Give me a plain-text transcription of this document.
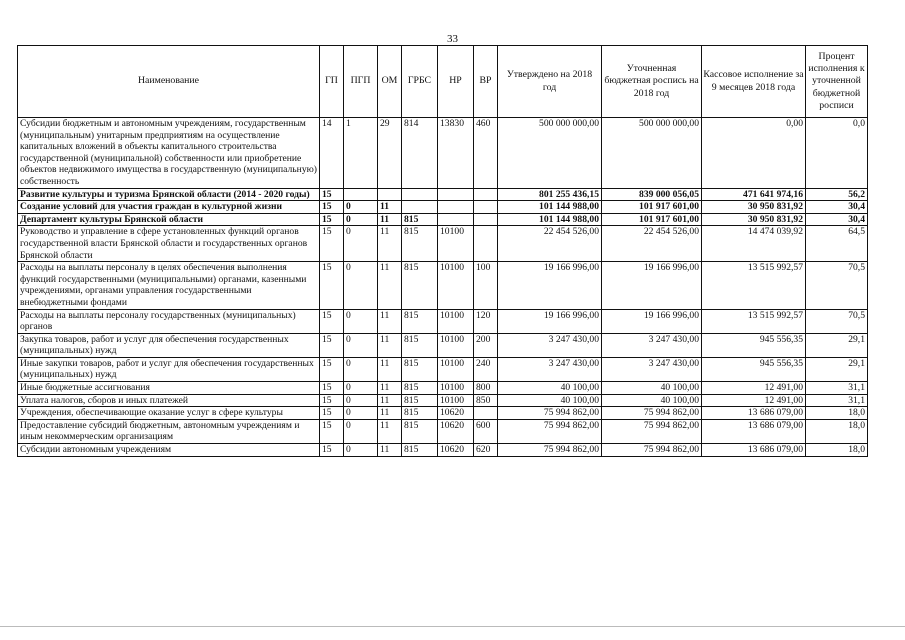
33
Наименование	ГП	ПГП	ОМ	ГРБС	НР	ВР	Утверждено на 2018 год	Уточненная бюджетная роспись на 2018 год	Кассовое исполнение за 9 месяцев 2018 года	Процент исполнения к уточненной бюджетной росписи
Субсидии бюджетным и автономным учреждениям, государственным (муниципальным) унитарным предприятиям на осуществление капитальных вложений в объекты капитального строительства государственной (муниципальной) собственности или приобретение объектов недвижимого имущества в государственную (муниципальную) собственность	14	1	29	814	13830	460	500 000 000,00	500 000 000,00	0,00	0,0
Развитие культуры и туризма Брянской области (2014 - 2020 годы)	15						801 255 436,15	839 000 056,05	471 641 974,16	56,2
Создание условий для участия граждан в культурной жизни	15	0	11				101 144 988,00	101 917 601,00	30 950 831,92	30,4
Департамент культуры Брянской области	15	0	11	815			101 144 988,00	101 917 601,00	30 950 831,92	30,4
Руководство и управление в сфере установленных функций органов государственной власти Брянской области и государственных органов Брянской области	15	0	11	815	10100		22 454 526,00	22 454 526,00	14 474 039,92	64,5
Расходы на выплаты персоналу в целях обеспечения выполнения функций государственными (муниципальными) органами, казенными учреждениями, органами управления государственными внебюджетными фондами	15	0	11	815	10100	100	19 166 996,00	19 166 996,00	13 515 992,57	70,5
Расходы на выплаты персоналу государственных (муниципальных) органов	15	0	11	815	10100	120	19 166 996,00	19 166 996,00	13 515 992,57	70,5
Закупка товаров, работ и услуг для обеспечения государственных (муниципальных) нужд	15	0	11	815	10100	200	3 247 430,00	3 247 430,00	945 556,35	29,1
Иные закупки товаров, работ и услуг для обеспечения государственных (муниципальных) нужд	15	0	11	815	10100	240	3 247 430,00	3 247 430,00	945 556,35	29,1
Иные бюджетные ассигнования	15	0	11	815	10100	800	40 100,00	40 100,00	12 491,00	31,1
Уплата налогов, сборов и иных платежей	15	0	11	815	10100	850	40 100,00	40 100,00	12 491,00	31,1
Учреждения, обеспечивающие оказание услуг в сфере культуры	15	0	11	815	10620		75 994 862,00	75 994 862,00	13 686 079,00	18,0
Предоставление субсидий бюджетным, автономным учреждениям и иным некоммерческим организациям	15	0	11	815	10620	600	75 994 862,00	75 994 862,00	13 686 079,00	18,0
Субсидии автономным учреждениям	15	0	11	815	10620	620	75 994 862,00	75 994 862,00	13 686 079,00	18,0
